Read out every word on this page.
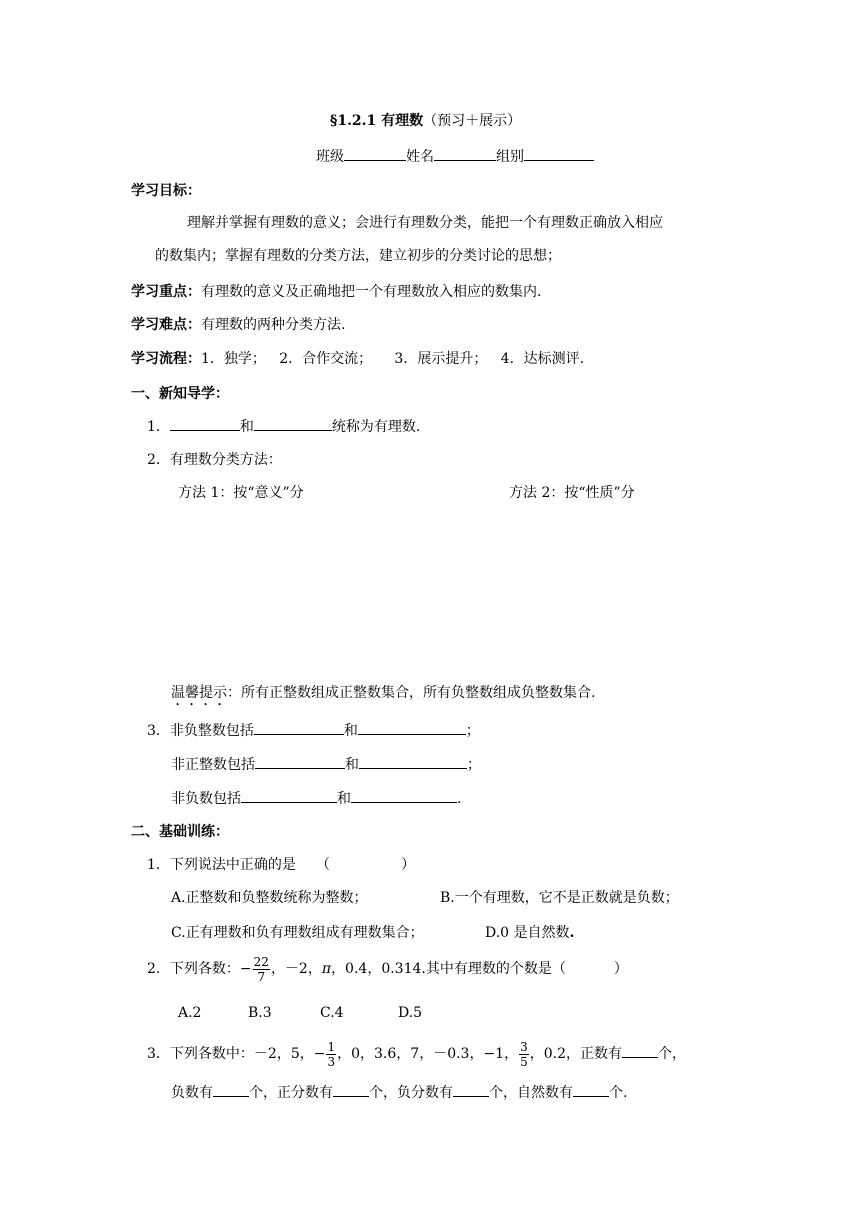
§1.2.1 有理数（预习＋展示）
班级	姓名	组别
学习目标：
理解并掌握有理数的意义；会进行有理数分类，能把一个有理数正确放入相应
的数集内；掌握有理数的分类方法，建立初步的分类讨论的思想；
学习重点：有理数的意义及正确地把一个有理数放入相应的数集内.
学习难点：有理数的两种分类方法.
学习流程：1．独学；   2．合作交流；     3．展示提升；   4．达标测评．
一、新知导学：
1．	和	统称为有理数.
2．有理数分类方法：
方法 1：按“意义”分	方法 2：按“性质”分
温馨提示：所有正整数组成正整数集合，所有负整数组成负整数集合.
3．非负整数包括	和	；
非正整数包括	和	；
非负数包括	和	.
二、基础训练：
1．下列说法中正确的是 （                ）
A.正整数和负整数统称为整数；	B.一个有理数，它不是正数就是负数；
C.正有理数和负有理数组成有理数集合；	D.0 是自然数.
2．下列各数：− $\frac{22}{7}$ ，－2，π，0.4，0.314.其中有理数的个数是（	）
A.2	B.3	C.4	D.5
3．下列各数中：－2，5，− $\frac{1}{3}$ ，0，3.6，7，－0.3，−1， $\frac{3}{5}$ ，0.2，正数有	个，
负数有	个，正分数有	个，负分数有	个，自然数有	个.
